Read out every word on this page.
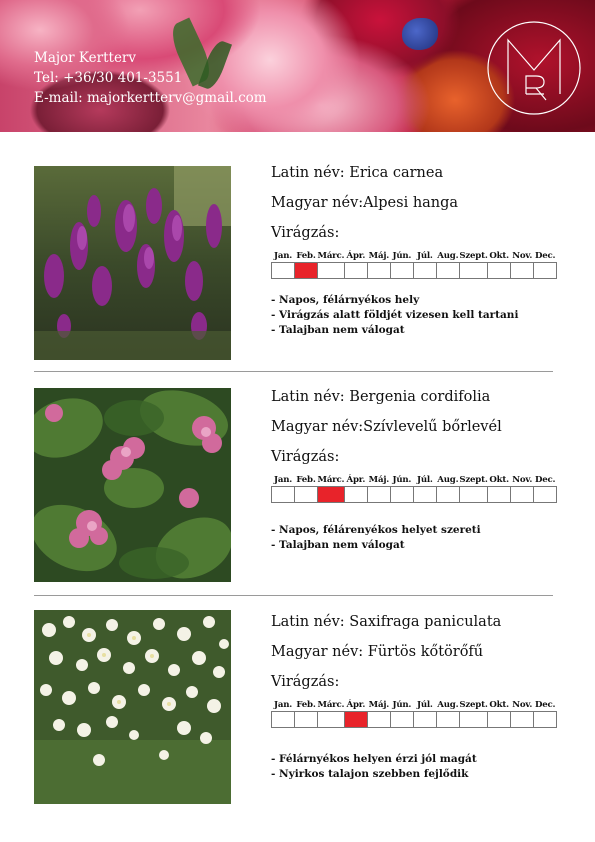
Major Kertterv
Tel: +36/30 401-3551
E-mail: majorkertterv@gmail.com
Latin név: Erica carnea
Magyar név:Alpesi hanga
Virágzás:
Jan.	Feb.	Márc.	Ápr.	Máj.	Jún.	Júl.	Aug.	Szept.	Okt.	Nov.	Dec.

- Napos, félárnyékos hely
- Virágzás alatt földjét vizesen kell tartani
- Talajban nem válogat
Latin név: Bergenia cordifolia
Magyar név:Szívlevelű bőrlevél
Virágzás:
Jan.	Feb.	Márc.	Ápr.	Máj.	Jún.	Júl.	Aug.	Szept.	Okt.	Nov.	Dec.

- Napos, félárenyékos helyet szereti
- Talajban nem válogat
Latin név: Saxifraga paniculata
Magyar név: Fürtös kőtörőfű
Virágzás:
Jan.	Feb.	Márc.	Ápr.	Máj.	Jún.	Júl.	Aug.	Szept.	Okt.	Nov.	Dec.

- Félárnyékos helyen érzi jól magát
- Nyirkos talajon szebben fejlődik
